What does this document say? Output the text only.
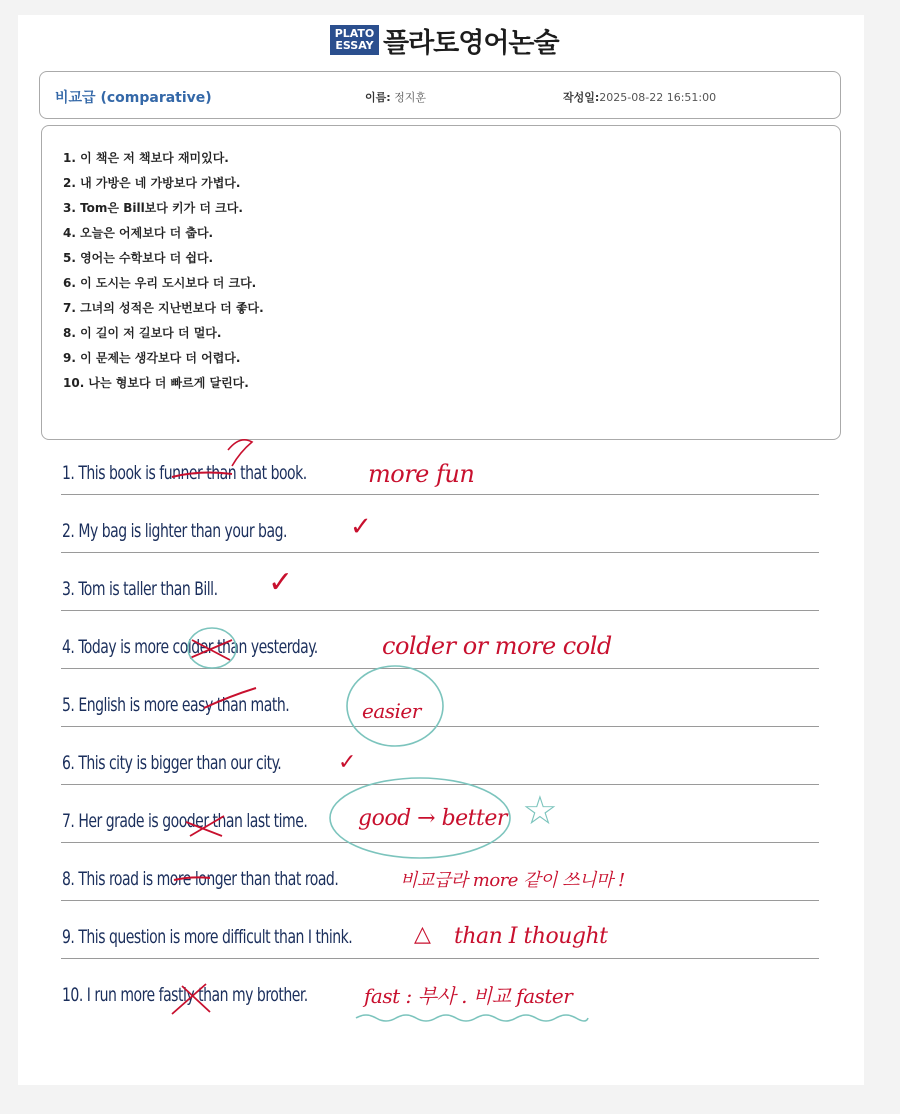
PLATO
ESSAY 플라토영어논술
비교급 (comparative)	이름: 정지훈	작성일:2025-08-22 16:51:00
1. 이 책은 저 책보다 재미있다.
2. 내 가방은 네 가방보다 가볍다.
3. Tom은 Bill보다 키가 더 크다.
4. 오늘은 어제보다 더 춥다.
5. 영어는 수학보다 더 쉽다.
6. 이 도시는 우리 도시보다 더 크다.
7. 그녀의 성적은 지난번보다 더 좋다.
8. 이 길이 저 길보다 더 멀다.
9. 이 문제는 생각보다 더 어렵다.
10. 나는 형보다 더 빠르게 달린다.
1. This book is funner than that book.
2. My bag is lighter than your bag.
3. Tom is taller than Bill.
4. Today is more colder than yesterday.
5. English is more easy than math.
6. This city is bigger than our city.
7. Her grade is gooder than last time.
8. This road is more longer than that road.
9. This question is more difficult than I think.
10. I run more fastly than my brother.
more fun
✓
✓
colder or more cold
easier
✓
good → better
비교급라 more 같이 쓰니마 !
△ than I thought
fast : 부사 . 비교 faster
☆
